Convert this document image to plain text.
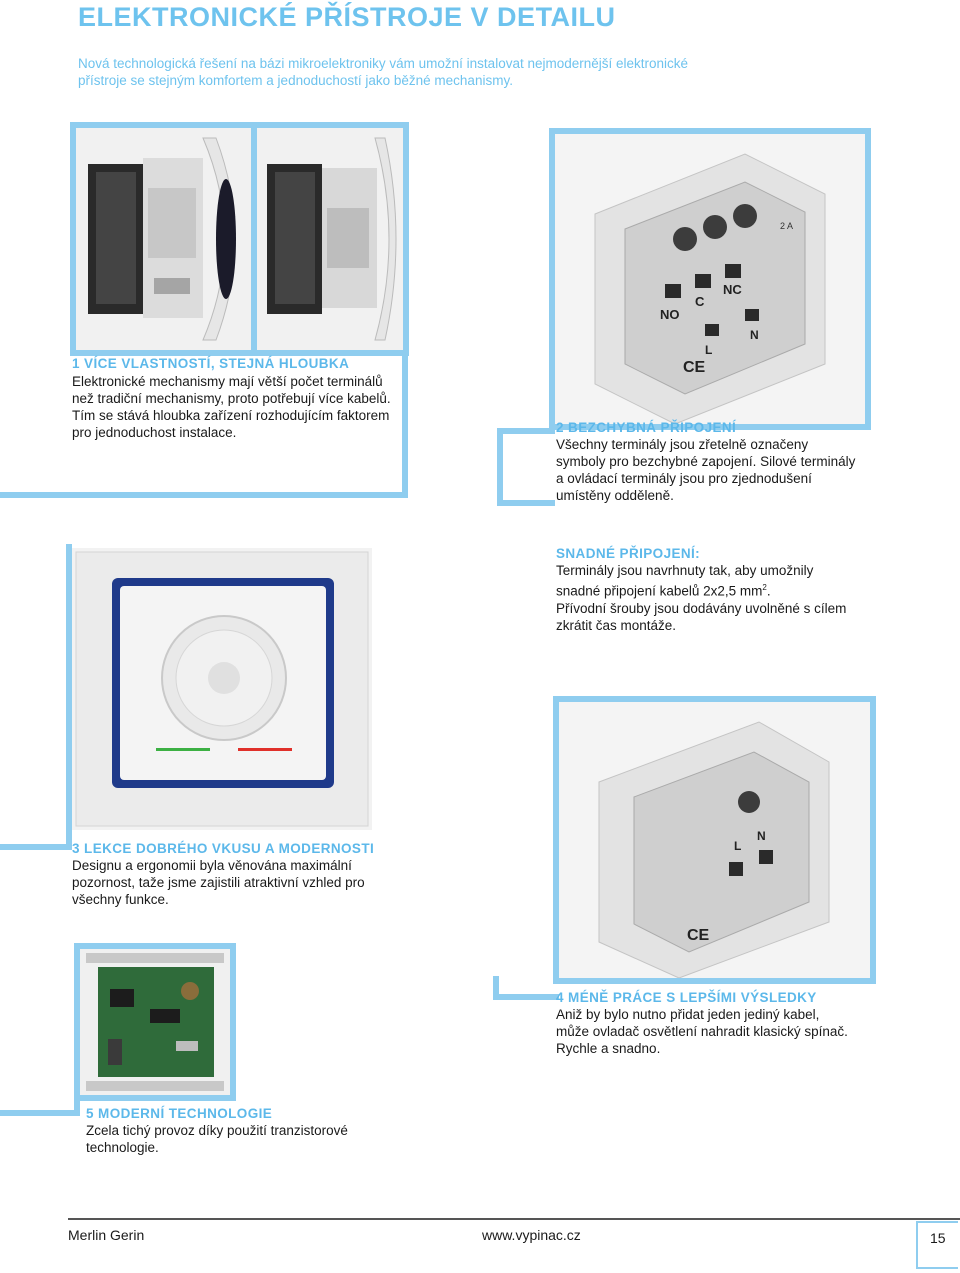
ELEKTRONICKÉ PŘÍSTROJE V DETAILU
Nová technologická řešení na bázi mikroelektroniky vám umožní instalovat nejmodernější elektronické
přístroje se stejným komfortem a jednoduchostí jako běžné mechanismy.
1 VÍCE VLASTNOSTÍ, STEJNÁ HLOUBKA
Elektronické mechanismy mají větší počet terminálů
než tradiční mechanismy, proto potřebují více kabelů.
Tím se stává hloubka zařízení rozhodujícím faktorem
pro jednoduchost instalace.
NO
C
NC
L
N
2 A
CE
2 BEZCHYBNÁ PŘIPOJENÍ
Všechny terminály jsou zřetelně označeny
symboly pro bezchybné zapojení. Silové terminály
a ovládací terminály jsou pro zjednodušení
umístěny odděleně.
SNADNÉ PŘIPOJENÍ:
Terminály jsou navrhnuty tak, aby umožnily
snadné připojení kabelů 2x2,5 $mm^2$.
Přívodní šrouby jsou dodávány uvolněné s cílem
zkrátit čas montáže.
3 LEKCE DOBRÉHO VKUSU A MODERNOSTI
Designu a ergonomii byla věnována maximální
pozornost, taže jsme zajistili atraktivní vzhled pro
všechny funkce.
L
N
CE
4 MÉNĚ PRÁCE S LEPŠÍMI VÝSLEDKY
Aniž by bylo nutno přidat jeden jediný kabel,
může ovladač osvětlení nahradit klasický spínač.
Rychle a snadno.
5 MODERNÍ TECHNOLOGIE
Zcela tichý provoz díky použití tranzistorové
technologie.
Merlin Gerin	www.vypinac.cz	15
